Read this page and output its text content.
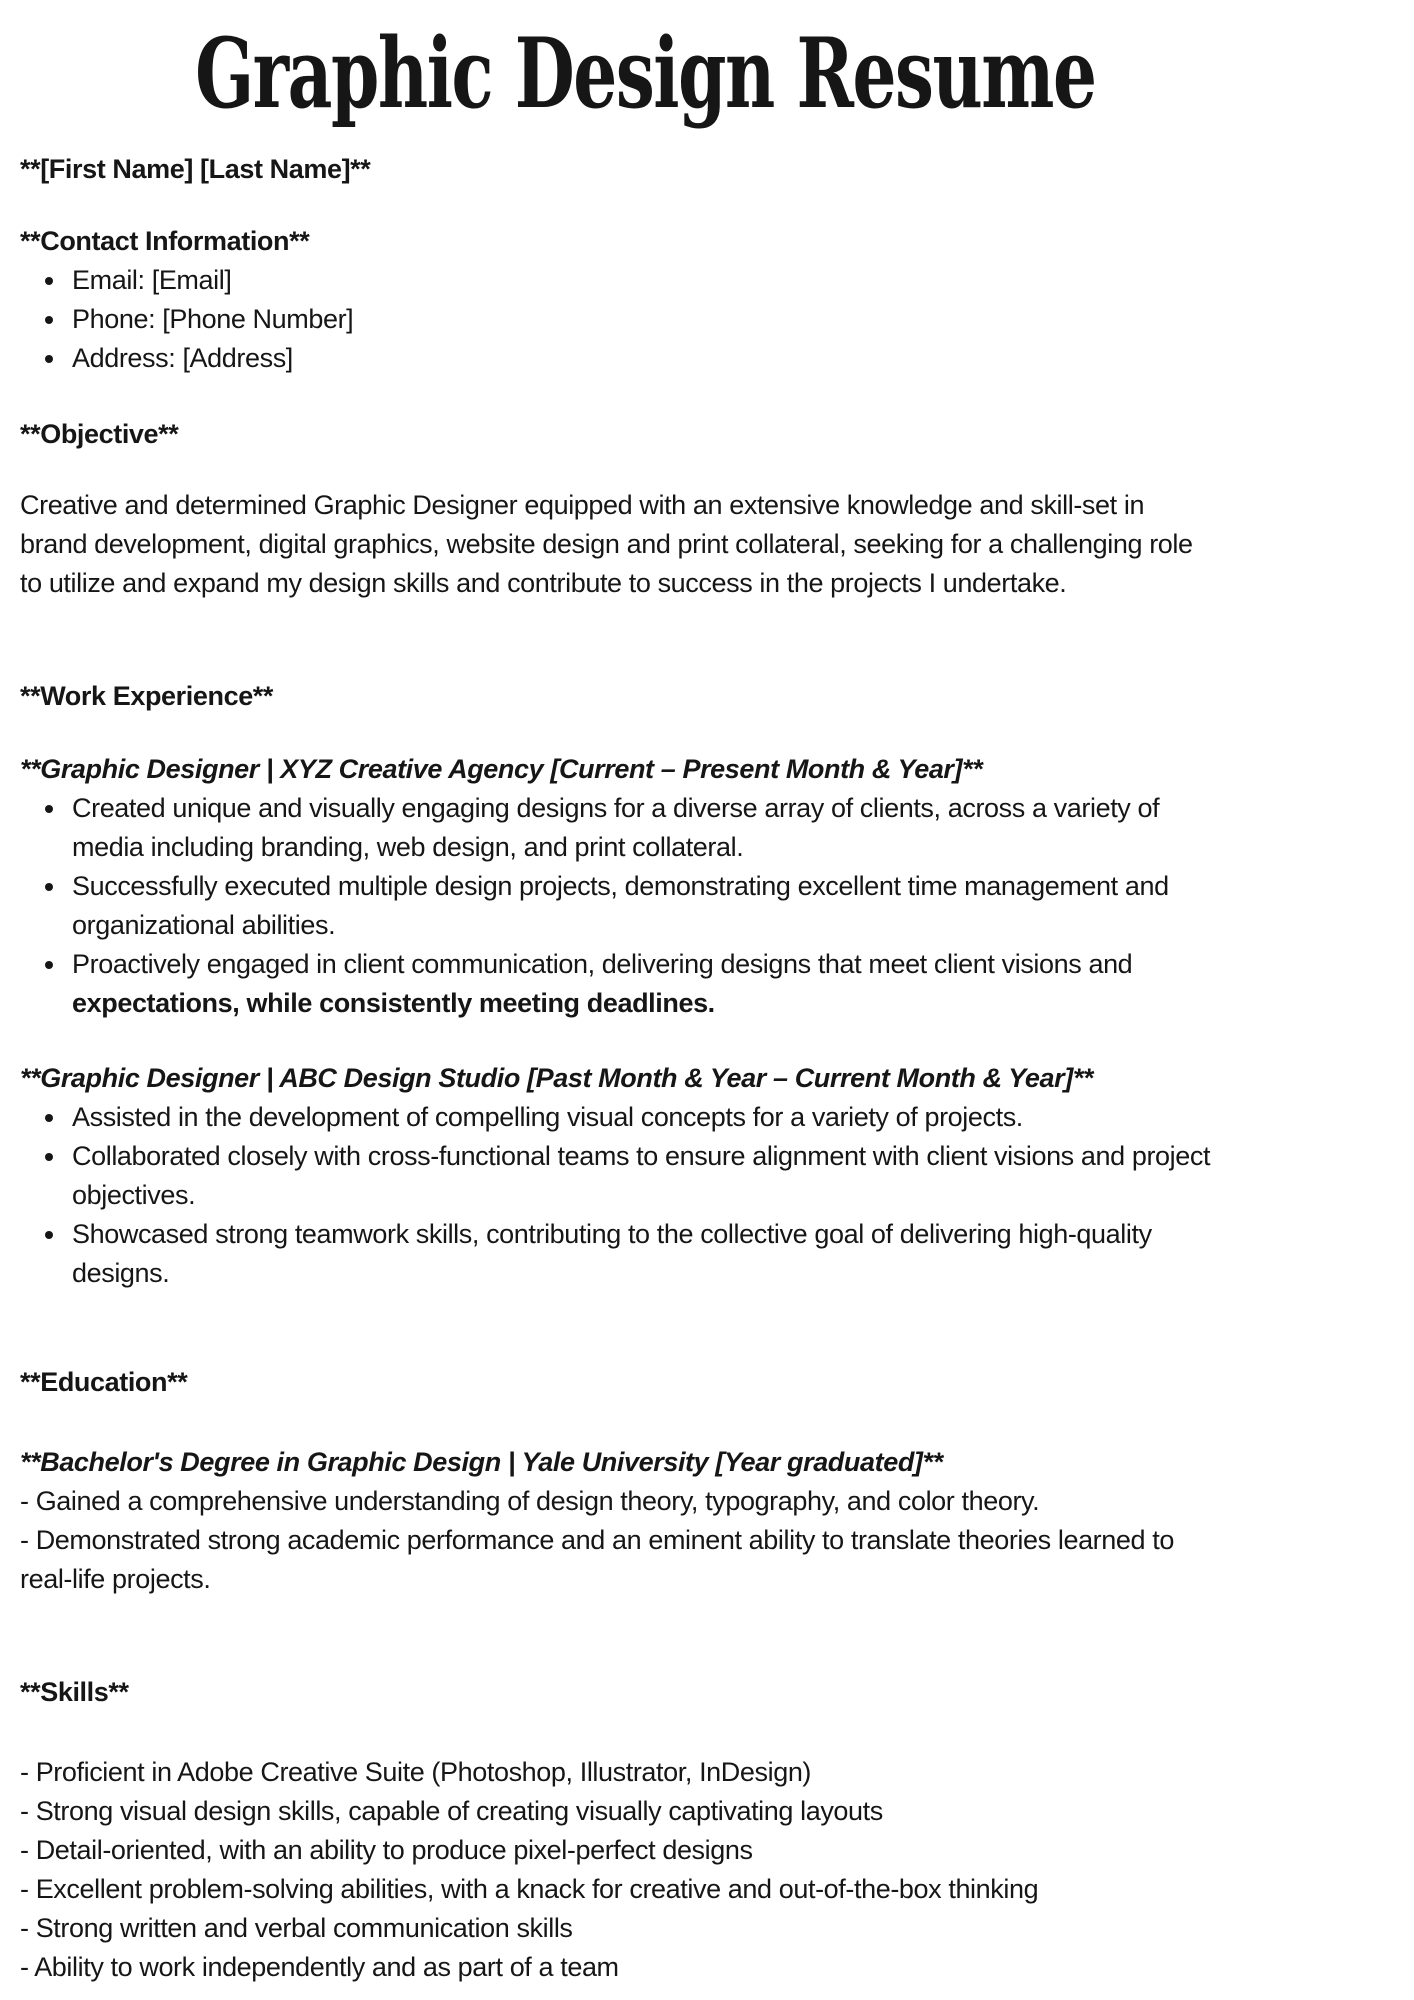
Graphic Design Resume
**[First Name] [Last Name]**
**Contact Information**
Email: [Email]
Phone: [Phone Number]
Address: [Address]
**Objective**
Creative and determined Graphic Designer equipped with an extensive knowledge and skill-set in
brand development, digital graphics, website design and print collateral, seeking for a challenging role
to utilize and expand my design skills and contribute to success in the projects I undertake.
**Work Experience**
**Graphic Designer | XYZ Creative Agency [Current – Present Month & Year]**
Created unique and visually engaging designs for a diverse array of clients, across a variety of
media including branding, web design, and print collateral.
Successfully executed multiple design projects, demonstrating excellent time management and
organizational abilities.
Proactively engaged in client communication, delivering designs that meet client visions and
expectations, while consistently meeting deadlines.
**Graphic Designer | ABC Design Studio [Past Month & Year – Current Month & Year]**
Assisted in the development of compelling visual concepts for a variety of projects.
Collaborated closely with cross-functional teams to ensure alignment with client visions and project
objectives.
Showcased strong teamwork skills, contributing to the collective goal of delivering high-quality
designs.
**Education**
**Bachelor's Degree in Graphic Design | Yale University [Year graduated]**
- Gained a comprehensive understanding of design theory, typography, and color theory.
- Demonstrated strong academic performance and an eminent ability to translate theories learned to
real-life projects.
**Skills**
- Proficient in Adobe Creative Suite (Photoshop, Illustrator, InDesign)
- Strong visual design skills, capable of creating visually captivating layouts
- Detail-oriented, with an ability to produce pixel-perfect designs
- Excellent problem-solving abilities, with a knack for creative and out-of-the-box thinking
- Strong written and verbal communication skills
- Ability to work independently and as part of a team
